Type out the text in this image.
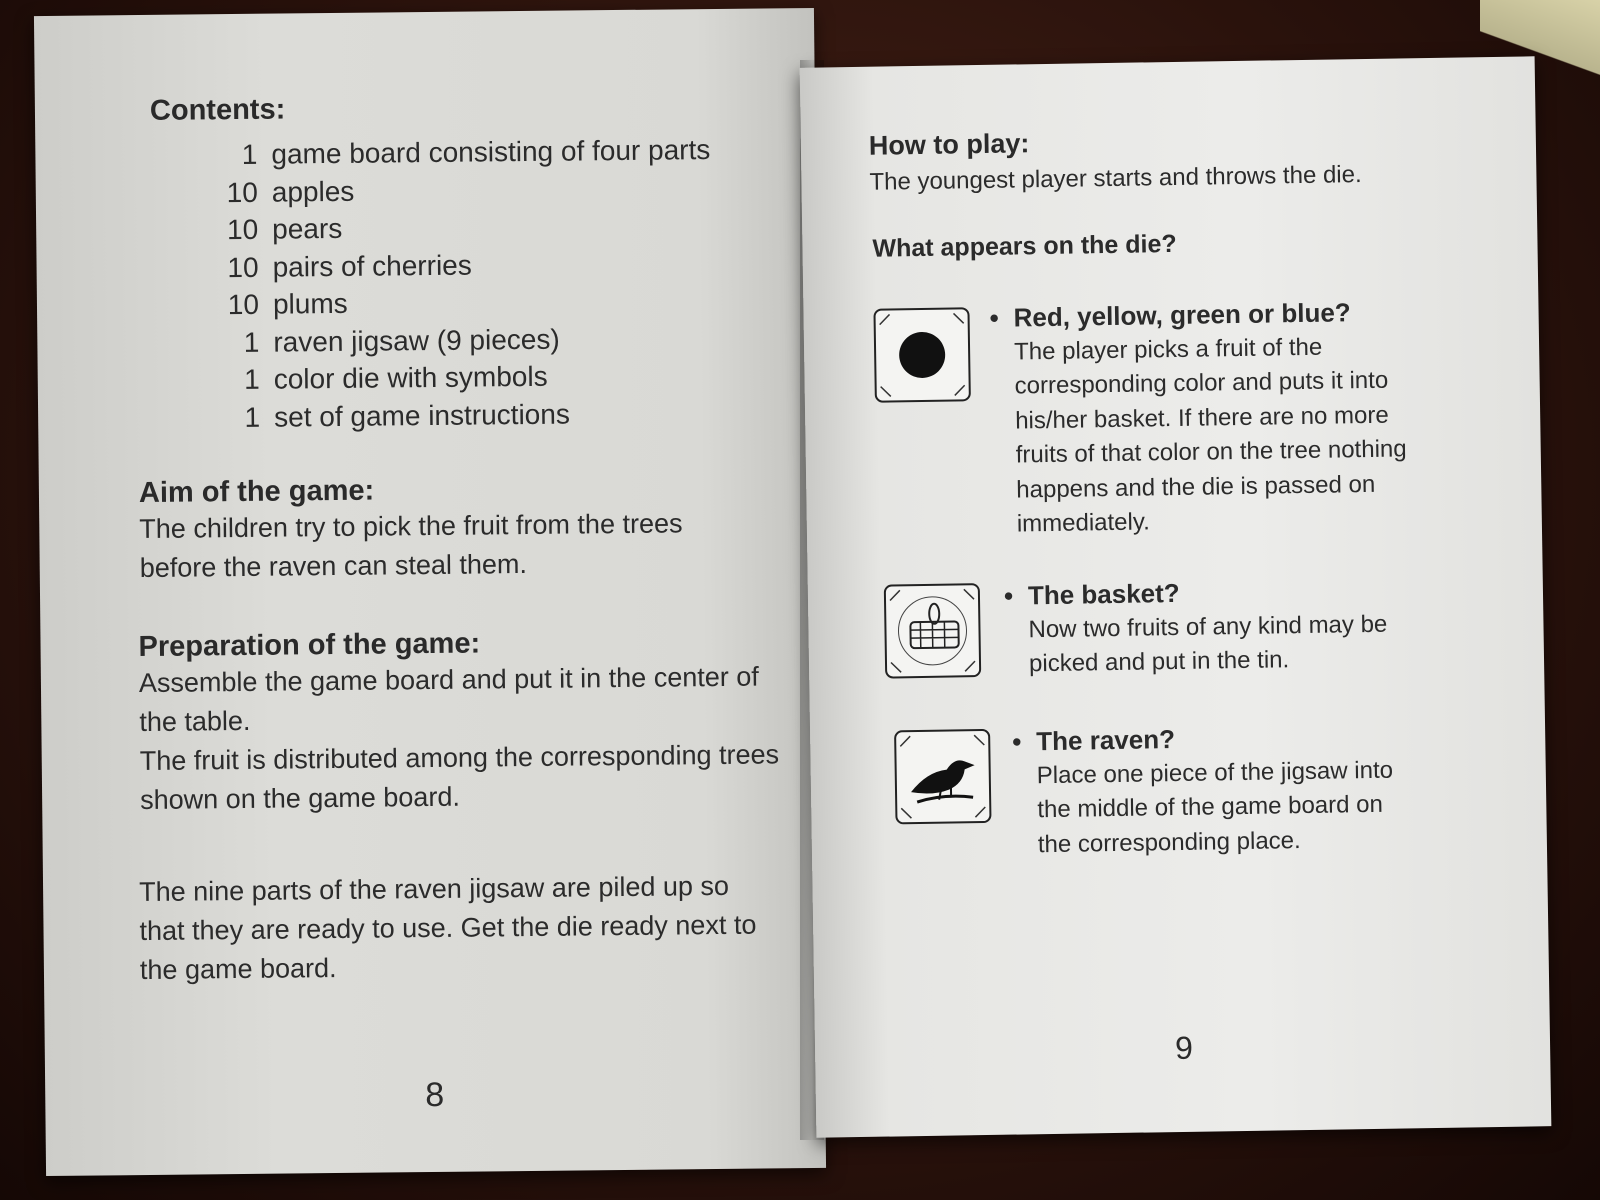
Contents:
1 game board consisting of four parts
10 apples
10 pears
10 pairs of cherries
10 plums
1 raven jigsaw (9 pieces)
1 color die with symbols
1 set of game instructions
Aim of the game:

The children try to pick the fruit from the trees before the raven can steal them.

Preparation of the game:

Assemble the game board and put it in the center of the table.

The fruit is distributed among the corresponding trees shown on the game board.

The nine parts of the raven jigsaw are piled up so that they are ready to use. Get the die ready next to the game board.

8
How to play:
The youngest player starts and throws the die.
What appears on the die?
• Red, yellow, green or blue?
The player picks a fruit of the corresponding color and puts it into his/her basket. If there are no more fruits of that color on the tree nothing happens and the die is passed on immediately.
• The basket?
Now two fruits of any kind may be picked and put in the tin.
• The raven?
Place one piece of the jigsaw into the middle of the game board on the corresponding place.
9
